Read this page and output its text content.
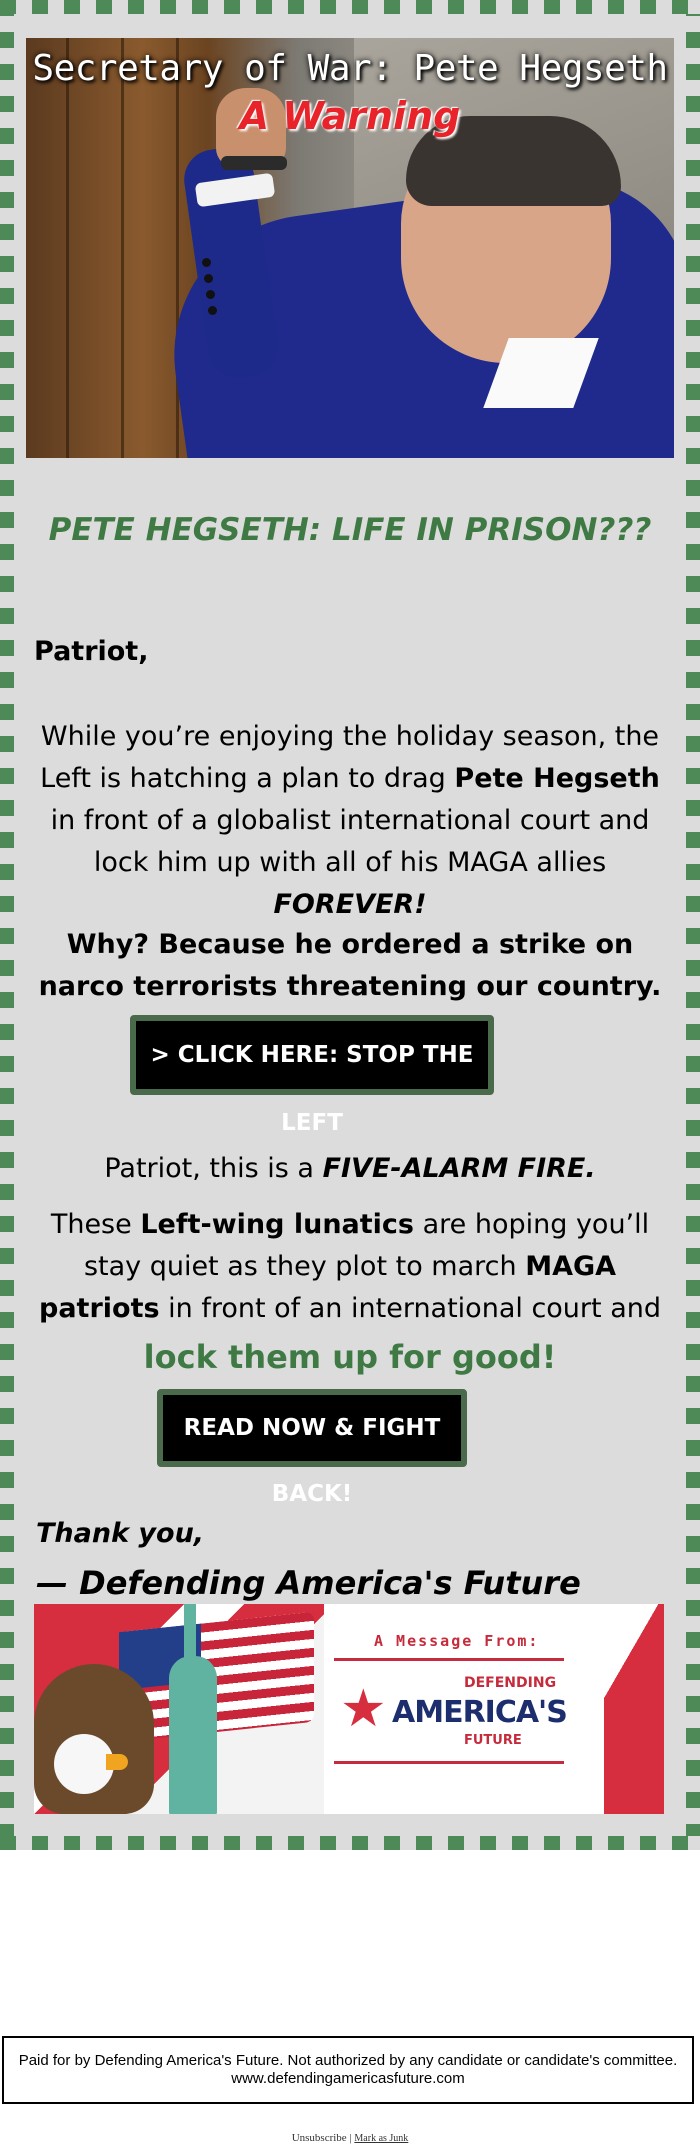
Secretary of War: Pete Hegseth
A Warning
PETE HEGSETH: LIFE IN PRISON???
Patriot,
While you’re enjoying the holiday season, the Left is hatching a plan to drag Pete Hegseth in front of a globalist international court and lock him up with all of his MAGA allies FOREVER!
Why? Because he ordered a strike on narco terrorists threatening our country.
> CLICK HERE: STOP THE LEFT
Patriot, this is a FIVE-ALARM FIRE.
These Left-wing lunatics are hoping you’ll stay quiet as they plot to march MAGA patriots in front of an international court and
lock them up for good!
READ NOW & FIGHT BACK!
Thank you,
— Defending America's Future
A Message From:
★	DEFENDING
AMERICA'S
FUTURE
Paid for by Defending America's Future. Not authorized by any candidate or candidate's committee. www.defendingamericasfuture.com
Unsubscribe | Mark as Junk
